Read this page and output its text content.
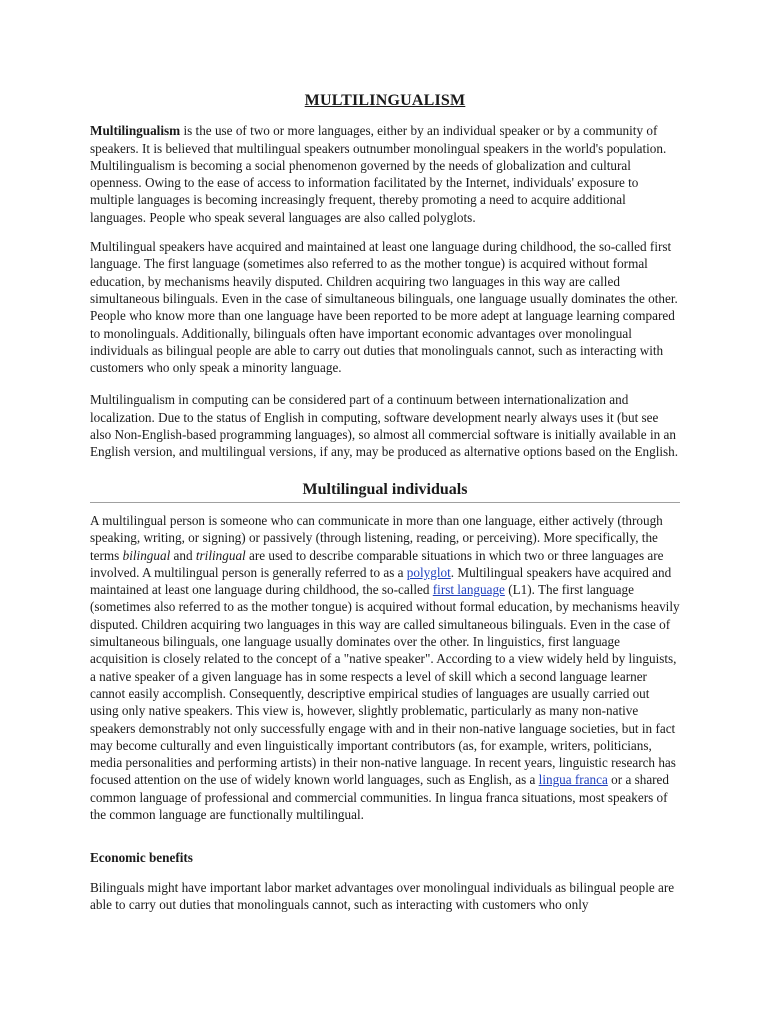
MULTILINGUALISM

Multilingualism is the use of two or more languages, either by an individual speaker or by a community of speakers. It is believed that multilingual speakers outnumber monolingual speakers in the world's population. Multilingualism is becoming a social phenomenon governed by the needs of globalization and cultural openness. Owing to the ease of access to information facilitated by the Internet, individuals' exposure to multiple languages is becoming increasingly frequent, thereby promoting a need to acquire additional languages. People who speak several languages are also called polyglots.

Multilingual speakers have acquired and maintained at least one language during childhood, the so-called first language. The first language (sometimes also referred to as the mother tongue) is acquired without formal education, by mechanisms heavily disputed. Children acquiring two languages in this way are called simultaneous bilinguals. Even in the case of simultaneous bilinguals, one language usually dominates the other. People who know more than one language have been reported to be more adept at language learning compared to monolinguals. Additionally, bilinguals often have important economic advantages over monolingual individuals as bilingual people are able to carry out duties that monolinguals cannot, such as interacting with customers who only speak a minority language.

Multilingualism in computing can be considered part of a continuum between internationalization and localization. Due to the status of English in computing, software development nearly always uses it (but see also Non-English-based programming languages), so almost all commercial software is initially available in an English version, and multilingual versions, if any, may be produced as alternative options based on the English.

Multilingual individuals

A multilingual person is someone who can communicate in more than one language, either actively (through speaking, writing, or signing) or passively (through listening, reading, or perceiving). More specifically, the terms bilingual and trilingual are used to describe comparable situations in which two or three languages are involved. A multilingual person is generally referred to as a polyglot. Multilingual speakers have acquired and maintained at least one language during childhood, the so-called first language (L1). The first language (sometimes also referred to as the mother tongue) is acquired without formal education, by mechanisms heavily disputed. Children acquiring two languages in this way are called simultaneous bilinguals. Even in the case of simultaneous bilinguals, one language usually dominates over the other. In linguistics, first language acquisition is closely related to the concept of a "native speaker". According to a view widely held by linguists, a native speaker of a given language has in some respects a level of skill which a second language learner cannot easily accomplish. Consequently, descriptive empirical studies of languages are usually carried out using only native speakers. This view is, however, slightly problematic, particularly as many non-native speakers demonstrably not only successfully engage with and in their non-native language societies, but in fact may become culturally and even linguistically important contributors (as, for example, writers, politicians, media personalities and performing artists) in their non-native language. In recent years, linguistic research has focused attention on the use of widely known world languages, such as English, as a lingua franca or a shared common language of professional and commercial communities. In lingua franca situations, most speakers of the common language are functionally multilingual.

Economic benefits

Bilinguals might have important labor market advantages over monolingual individuals as bilingual people are able to carry out duties that monolinguals cannot, such as interacting with customers who only
